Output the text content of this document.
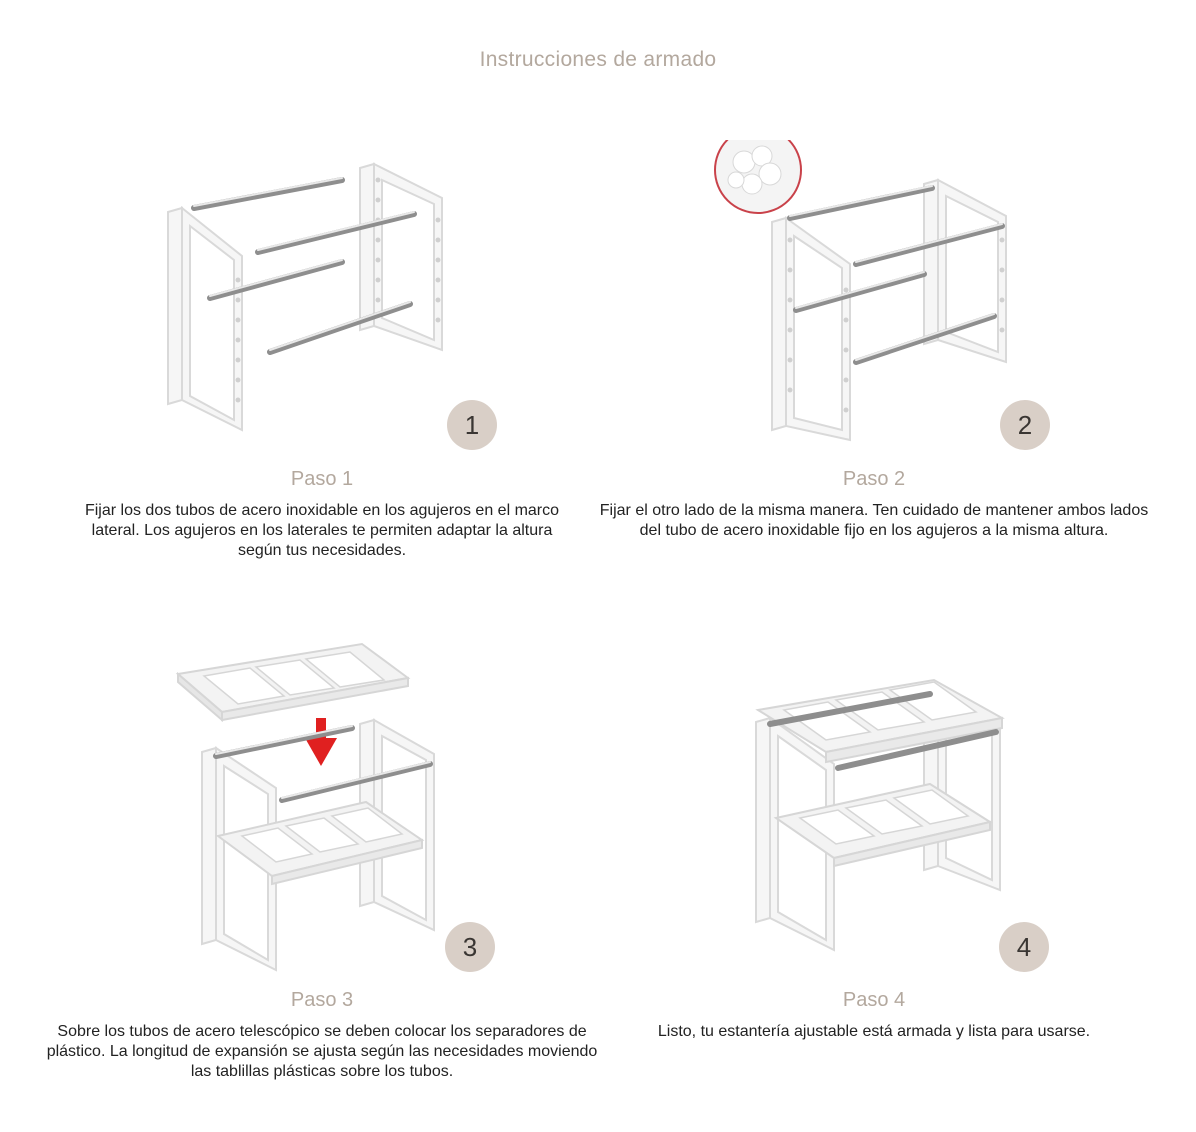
Instrucciones de armado
1
Paso 1
Fijar los dos tubos de acero inoxidable en los agujeros en el marco lateral. Los agujeros en los laterales te permiten adaptar la altura según tus necesidades.
2
Paso 2
Fijar el otro lado de la misma manera. Ten cuidado de mantener ambos lados del tubo de acero inoxidable fijo en los agujeros a la misma altura.
3
Paso 3
Sobre los tubos de acero telescópico se deben colocar los separadores de plástico. La longitud de expansión se ajusta según las necesidades moviendo las tablillas plásticas sobre los tubos.
4
Paso 4
Listo, tu estantería ajustable está armada y lista para usarse.
